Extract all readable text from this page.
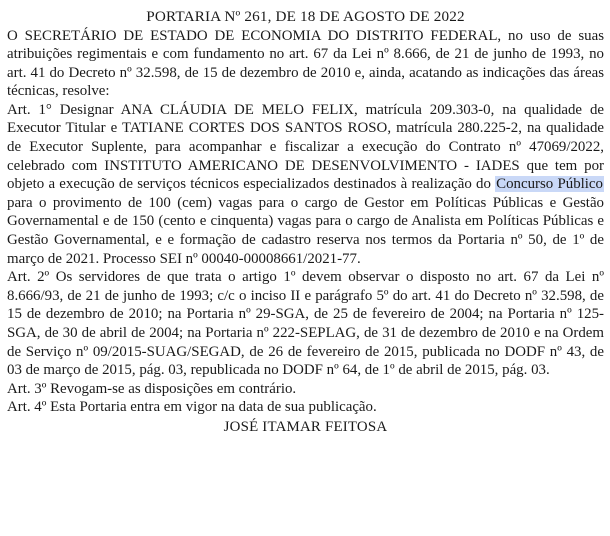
PORTARIA Nº 261, DE 18 DE AGOSTO DE 2022

O SECRETÁRIO DE ESTADO DE ECONOMIA DO DISTRITO FEDERAL, no uso de suas atribuições regimentais e com fundamento no art. 67 da Lei nº 8.666, de 21 de junho de 1993, no art. 41 do Decreto nº 32.598, de 15 de dezembro de 2010 e, ainda, acatando as indicações das áreas técnicas, resolve:

Art. 1° Designar ANA CLÁUDIA DE MELO FELIX, matrícula 209.303-0, na qualidade de Executor Titular e TATIANE CORTES DOS SANTOS ROSO, matrícula 280.225-2, na qualidade de Executor Suplente, para acompanhar e fiscalizar a execução do Contrato nº 47069/2022, celebrado com INSTITUTO AMERICANO DE DESENVOLVIMENTO - IADES que tem por objeto a execução de serviços técnicos especializados destinados à realização do Concurso Público para o provimento de 100 (cem) vagas para o cargo de Gestor em Políticas Públicas e Gestão Governamental e de 150 (cento e cinquenta) vagas para o cargo de Analista em Políticas Públicas e Gestão Governamental, e e formação de cadastro reserva nos termos da Portaria nº 50, de 1º de março de 2021. Processo SEI nº 00040-00008661/2021-77.

Art. 2º Os servidores de que trata o artigo 1º devem observar o disposto no art. 67 da Lei nº 8.666/93, de 21 de junho de 1993; c/c o inciso II e parágrafo 5º do art. 41 do Decreto nº 32.598, de 15 de dezembro de 2010; na Portaria nº 29-SGA, de 25 de fevereiro de 2004; na Portaria nº 125-SGA, de 30 de abril de 2004; na Portaria nº 222-SEPLAG, de 31 de dezembro de 2010 e na Ordem de Serviço nº 09/2015-SUAG/SEGAD, de 26 de fevereiro de 2015, publicada no DODF nº 43, de 03 de março de 2015, pág. 03, republicada no DODF nº 64, de 1º de abril de 2015, pág. 03.

Art. 3º Revogam-se as disposições em contrário.

Art. 4º Esta Portaria entra em vigor na data de sua publicação.

JOSÉ ITAMAR FEITOSA
